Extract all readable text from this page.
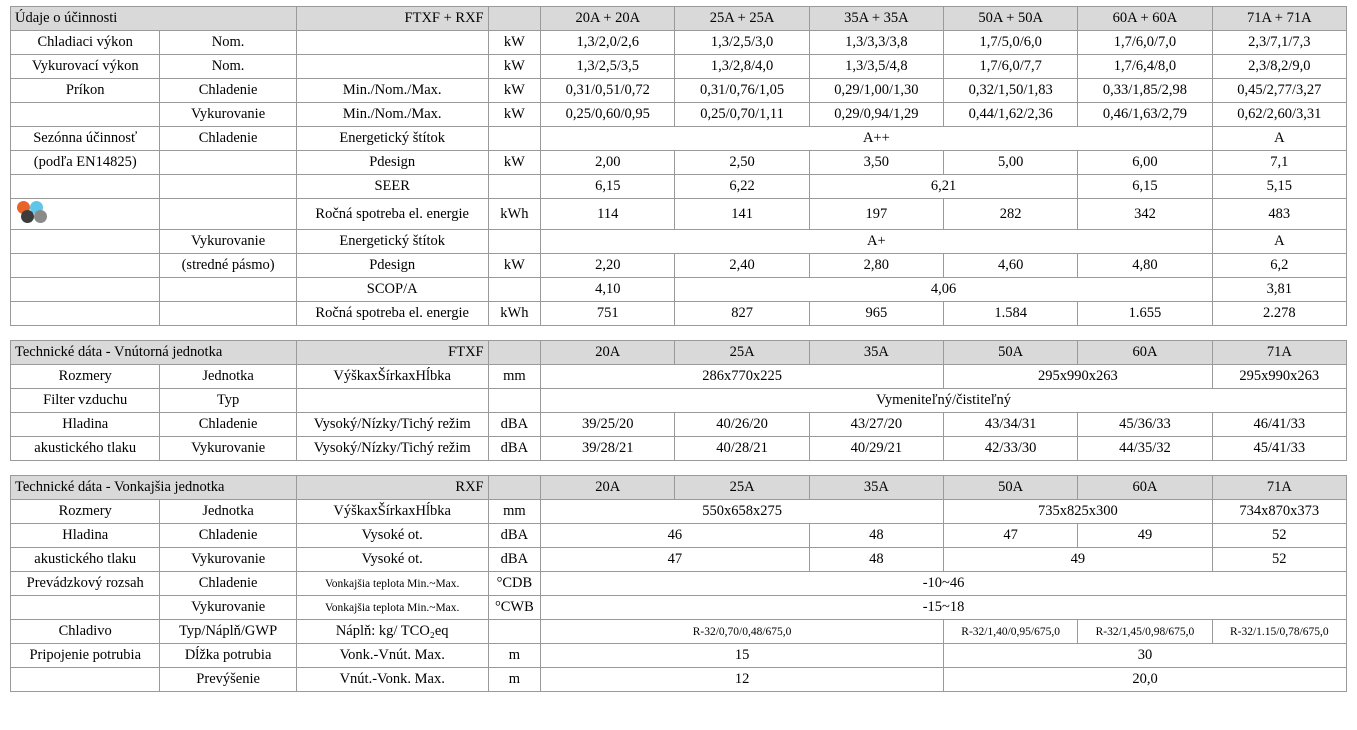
Údaje o účinnosti		FTXF + RXF		20A + 20A	25A + 25A	35A + 35A	50A + 50A	60A + 60A	71A + 71A
Chladiaci výkon	Nom.		kW	1,3/2,0/2,6	1,3/2,5/3,0	1,3/3,3/3,8	1,7/5,0/6,0	1,7/6,0/7,0	2,3/7,1/7,3
Vykurovací výkon	Nom.		kW	1,3/2,5/3,5	1,3/2,8/4,0	1,3/3,5/4,8	1,7/6,0/7,7	1,7/6,4/8,0	2,3/8,2/9,0
Príkon	Chladenie	Min./Nom./Max.	kW	0,31/0,51/0,72	0,31/0,76/1,05	0,29/1,00/1,30	0,32/1,50/1,83	0,33/1,85/2,98	0,45/2,77/3,27
	Vykurovanie	Min./Nom./Max.	kW	0,25/0,60/0,95	0,25/0,70/1,11	0,29/0,94/1,29	0,44/1,62/2,36	0,46/1,63/2,79	0,62/2,60/3,31
Sezónna účinnosť	Chladenie	Energetický štítok		A++					A
(podľa EN14825)		Pdesign	kW	2,00	2,50	3,50	5,00	6,00	7,1
		SEER		6,15	6,22	6,21		6,15	5,15

		Ročná spotreba el. energie	kWh	114	141	197	282	342	483
	Vykurovanie	Energetický štítok		A+					A
	(stredné pásmo)	Pdesign	kW	2,20	2,40	2,80	4,60	4,80	6,2
		SCOP/A		4,10	4,06				3,81
		Ročná spotreba el. energie	kWh	751	827	965	1.584	1.655	2.278
Technické dáta - Vnútorná jednotka		FTXF		20A	25A	35A	50A	60A	71A
Rozmery	Jednotka	VýškaxŠírkaxHĺbka	mm	286x770x225			295x990x263		295x990x263
Filter vzduchu	Typ			Vymeniteľný/čistiteľný					
Hladina	Chladenie	Vysoký/Nízky/Tichý režim	dBA	39/25/20	40/26/20	43/27/20	43/34/31	45/36/33	46/41/33
akustického tlaku	Vykurovanie	Vysoký/Nízky/Tichý režim	dBA	39/28/21	40/28/21	40/29/21	42/33/30	44/35/32	45/41/33
Technické dáta - Vonkajšia jednotka		RXF		20A	25A	35A	50A	60A	71A
Rozmery	Jednotka	VýškaxŠírkaxHĺbka	mm	550x658x275			735x825x300		734x870x373
Hladina	Chladenie	Vysoké ot.	dBA	46		48	47	49	52
akustického tlaku	Vykurovanie	Vysoké ot.	dBA	47		48	49		52
Prevádzkový rozsah	Chladenie	Vonkajšia teplota Min.~Max.	°CDB	-10~46					
	Vykurovanie	Vonkajšia teplota Min.~Max.	°CWB	-15~18					
Chladivo	Typ/Náplň/GWP	Náplň: kg/ TCO₂eq		R-32/0,70/0,48/675,0			R-32/1,40/0,95/675,0	R-32/1,45/0,98/675,0	R-32/1.15/0,78/675,0
Pripojenie potrubia	Dĺžka potrubia	Vonk.-Vnút. Max.	m	15			30		
	Prevýšenie	Vnút.-Vonk. Max.	m	12			20,0		
